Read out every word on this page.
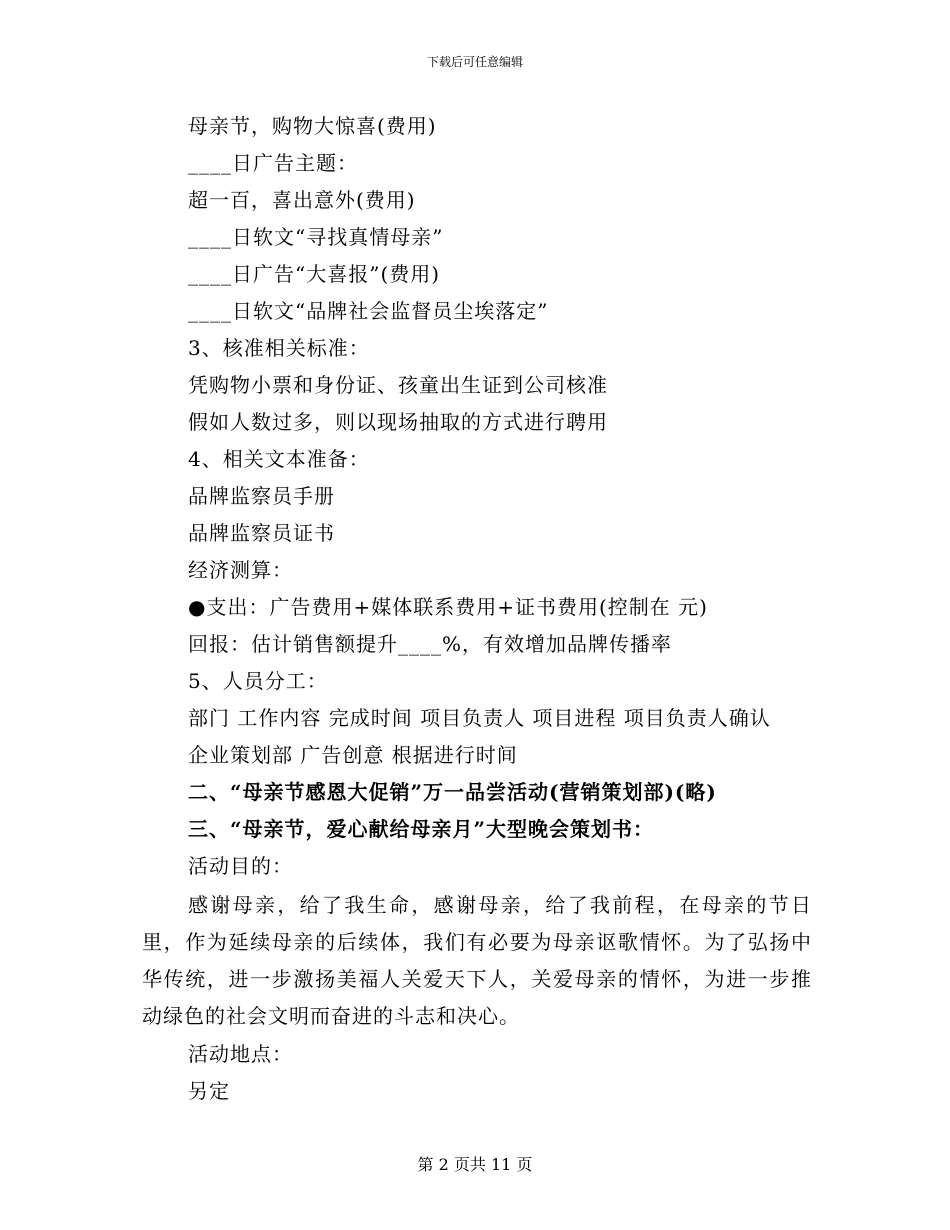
下载后可任意编辑
母亲节，购物大惊喜(费用)
____日广告主题：
超一百，喜出意外(费用)
____日软文“寻找真情母亲”
____日广告“大喜报”(费用)
____日软文“品牌社会监督员尘埃落定”
3、核准相关标准：
凭购物小票和身份证、孩童出生证到公司核准
假如人数过多，则以现场抽取的方式进行聘用
4、相关文本准备：
品牌监察员手册
品牌监察员证书
经济测算：
●支出：广告费用+媒体联系费用+证书费用(控制在 元)
回报：估计销售额提升____%，有效增加品牌传播率
5、人员分工：
部门 工作内容 完成时间 项目负责人 项目进程 项目负责人确认
企业策划部 广告创意 根据进行时间
二、“母亲节感恩大促销”万一品尝活动(营销策划部)(略)
三、“母亲节，爱心献给母亲月”大型晚会策划书：
活动目的：
感谢母亲，给了我生命，感谢母亲，给了我前程，在母亲的节日里，作为延续母亲的后续体，我们有必要为母亲讴歌情怀。为了弘扬中华传统，进一步激扬美福人关爱天下人，关爱母亲的情怀，为进一步推动绿色的社会文明而奋进的斗志和决心。
活动地点：
另定
第 2 页共 11 页
